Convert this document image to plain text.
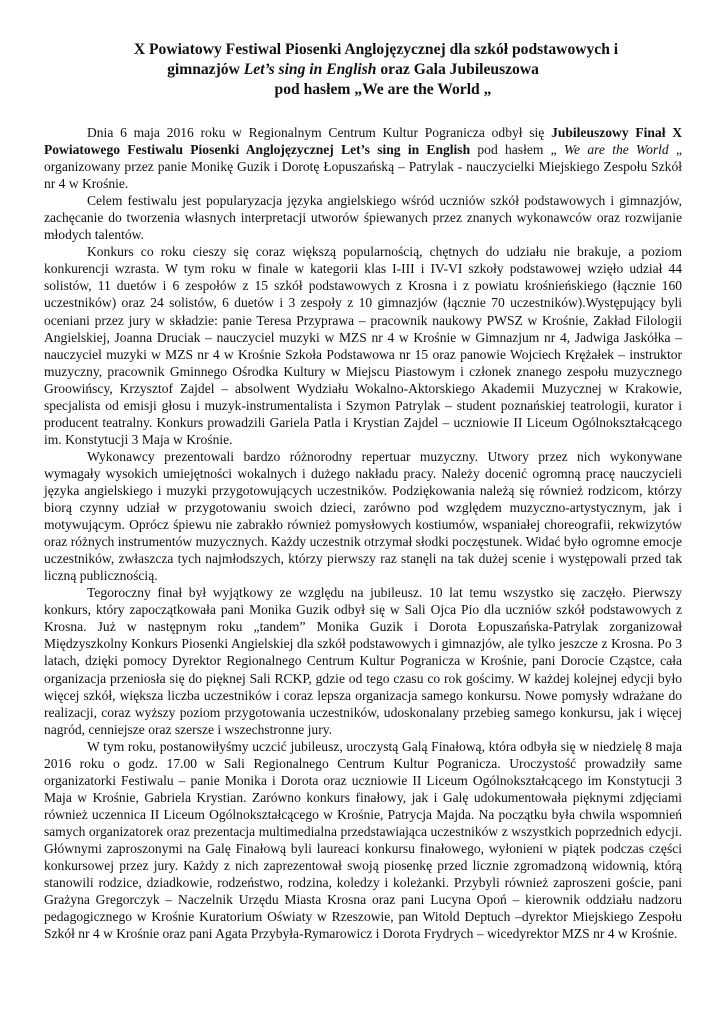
X Powiatowy Festiwal Piosenki Anglojęzycznej dla szkół podstawowych i
gimnazjów Let’s sing in English oraz Gala Jubileuszowa
pod hasłem „We are the World „

Dnia 6 maja 2016 roku w Regionalnym Centrum Kultur Pogranicza odbył się Jubileuszowy Finał X Powiatowego Festiwalu Piosenki Anglojęzycznej Let’s sing in English pod hasłem „ We are the World „ organizowany przez panie Monikę Guzik i Dorotę Łopuszańską – Patrylak - nauczycielki Miejskiego Zespołu Szkół nr 4 w Krośnie.

Celem festiwalu jest popularyzacja języka angielskiego wśród uczniów szkół podstawowych i gimnazjów, zachęcanie do tworzenia własnych interpretacji utworów śpiewanych przez znanych wykonawców oraz rozwijanie młodych talentów.

Konkurs co roku cieszy się coraz większą popularnością, chętnych do udziału nie brakuje, a poziom konkurencji wzrasta. W tym roku w finale w kategorii klas I-III i IV-VI szkoły podstawowej wzięło udział 44 solistów, 11 duetów i 6 zespołów z 15 szkół podstawowych z Krosna i z powiatu krośnieńskiego (łącznie 160 uczestników) oraz 24 solistów, 6 duetów i 3 zespoły z 10 gimnazjów (łącznie 70 uczestników).Występujący byli oceniani przez jury w składzie: panie Teresa Przyprawa – pracownik naukowy PWSZ w Krośnie, Zakład Filologii Angielskiej, Joanna Druciak – nauczyciel muzyki w MZS nr 4 w Krośnie w Gimnazjum nr 4, Jadwiga Jaskółka – nauczyciel muzyki w MZS nr 4 w Krośnie Szkoła Podstawowa nr 15 oraz panowie Wojciech Krężałek – instruktor muzyczny, pracownik Gminnego Ośrodka Kultury w Miejscu Piastowym i członek znanego zespołu muzycznego Groowińscy, Krzysztof Zajdel – absolwent Wydziału Wokalno-Aktorskiego Akademii Muzycznej w Krakowie, specjalista od emisji głosu i muzyk-instrumentalista i Szymon Patrylak – student poznańskiej teatrologii, kurator i producent teatralny. Konkurs prowadzili Gariela Patla i Krystian Zajdel – uczniowie II Liceum Ogólnokształcącego im. Konstytucji 3 Maja w Krośnie.

Wykonawcy prezentowali bardzo różnorodny repertuar muzyczny. Utwory przez nich wykonywane wymagały wysokich umiejętności wokalnych i dużego nakładu pracy. Należy docenić ogromną pracę nauczycieli języka angielskiego i muzyki przygotowujących uczestników. Podziękowania należą się również rodzicom, którzy biorą czynny udział w przygotowaniu swoich dzieci, zarówno pod względem muzyczno-artystycznym, jak i motywującym. Oprócz śpiewu nie zabrakło również pomysłowych kostiumów, wspaniałej choreografii, rekwizytów oraz różnych instrumentów muzycznych. Każdy uczestnik otrzymał słodki poczęstunek. Widać było ogromne emocje uczestników, zwłaszcza tych najmłodszych, którzy pierwszy raz stanęli na tak dużej scenie i występowali przed tak liczną publicznością.

Tegoroczny finał był wyjątkowy ze względu na jubileusz. 10 lat temu wszystko się zaczęło. Pierwszy konkurs, który zapoczątkowała pani Monika Guzik odbył się w Sali Ojca Pio dla uczniów szkół podstawowych z Krosna. Już w następnym roku „tandem” Monika Guzik i Dorota Łopuszańska-Patrylak zorganizował Międzyszkolny Konkurs Piosenki Angielskiej dla szkół podstawowych i gimnazjów, ale tylko jeszcze z Krosna. Po 3 latach, dzięki pomocy Dyrektor Regionalnego Centrum Kultur Pogranicza w Krośnie, pani Dorocie Cząstce, cała organizacja przeniosła się do pięknej Sali RCKP, gdzie od tego czasu co rok gościmy. W każdej kolejnej edycji było więcej szkół, większa liczba uczestników i coraz lepsza organizacja samego konkursu. Nowe pomysły wdrażane do realizacji, coraz wyższy poziom przygotowania uczestników, udoskonalany przebieg samego konkursu, jak i więcej nagród, cenniejsze oraz szersze i wszechstronne jury.

W tym roku, postanowiłyśmy uczcić jubileusz, uroczystą Galą Finałową, która odbyła się w niedzielę 8 maja 2016 roku o godz. 17.00 w Sali Regionalnego Centrum Kultur Pogranicza. Uroczystość prowadziły same organizatorki Festiwalu – panie Monika i Dorota oraz uczniowie II Liceum Ogólnokształcącego im Konstytucji 3 Maja w Krośnie, Gabriela Krystian. Zarówno konkurs finałowy, jak i Galę udokumentowała pięknymi zdjęciami również uczennica II Liceum Ogólnokształcącego w Krośnie, Patrycja Majda. Na początku była chwila wspomnień samych organizatorek oraz prezentacja multimedialna przedstawiająca uczestników z wszystkich poprzednich edycji. Głównymi zaproszonymi na Galę Finałową byli laureaci konkursu finałowego, wyłonieni w piątek podczas części konkursowej przez jury. Każdy z nich zaprezentował swoją piosenkę przed licznie zgromadzoną widownią, którą stanowili rodzice, dziadkowie, rodzeństwo, rodzina, koledzy i koleżanki. Przybyli również zaproszeni goście, pani Grażyna Gregorczyk – Naczelnik Urzędu Miasta Krosna oraz pani Lucyna Opoń – kierownik oddziału nadzoru pedagogicznego w Krośnie Kuratorium Oświaty w Rzeszowie, pan Witold Deptuch –dyrektor Miejskiego Zespołu Szkół nr 4 w Krośnie oraz pani Agata Przybyła-Rymarowicz i Dorota Frydrych – wicedyrektor MZS nr 4 w Krośnie.
